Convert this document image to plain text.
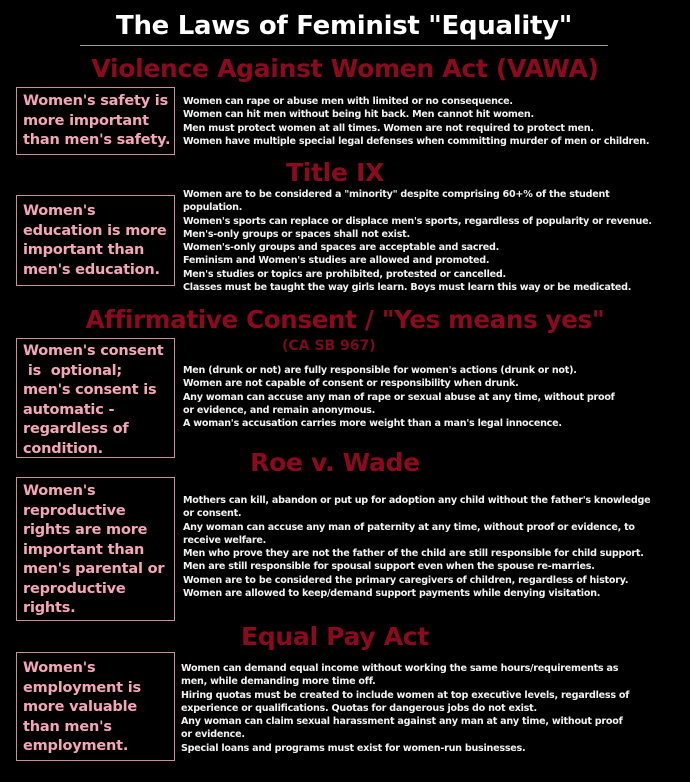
The Laws of Feminist "Equality"
Violence Against Women Act (VAWA)
Women's safety is
more important
than men's safety.
Women can rape or abuse men with limited or no consequence.
Women can hit men without being hit back. Men cannot hit women.
Men must protect women at all times. Women are not required to protect men.
Women have multiple special legal defenses when committing murder of men or children.
Title IX
Women's
education is more
important than
men's education.
Women are to be considered a "minority" despite comprising 60+% of the student
population.
Women's sports can replace or displace men's sports, regardless of popularity or revenue.
Men's-only groups or spaces shall not exist.
Women's-only groups and spaces are acceptable and sacred.
Feminism and Women's studies are allowed and promoted.
Men's studies or topics are prohibited, protested or cancelled.
Classes must be taught the way girls learn. Boys must learn this way or be medicated.
Affirmative Consent / "Yes means yes"
(CA SB 967)
Women's consent
is  optional;
men's consent is
automatic -
regardless of
condition.
Men (drunk or not) are fully responsible for women's actions (drunk or not).
Women are not capable of consent or responsibility when drunk.
Any woman can accuse any man of rape or sexual abuse at any time, without proof
or evidence, and remain anonymous.
A woman's accusation carries more weight than a man's legal innocence.
Roe v. Wade
Women's
reproductive
rights are more
important than
men's parental or
reproductive
rights.
Mothers can kill, abandon or put up for adoption any child without the father's knowledge
or consent.
Any woman can accuse any man of paternity at any time, without proof or evidence, to
receive welfare.
Men who prove they are not the father of the child are still responsible for child support.
Men are still responsible for spousal support even when the spouse re-marries.
Women are to be considered the primary caregivers of children, regardless of history.
Women are allowed to keep/demand support payments while denying visitation.
Equal Pay Act
Women's
employment is
more valuable
than men's
employment.
Women can demand equal income without working the same hours/requirements as
men, while demanding more time off.
Hiring quotas must be created to include women at top executive levels, regardless of
experience or qualifications. Quotas for dangerous jobs do not exist.
Any woman can claim sexual harassment against any man at any time, without proof
or evidence.
Special loans and programs must exist for women-run businesses.
